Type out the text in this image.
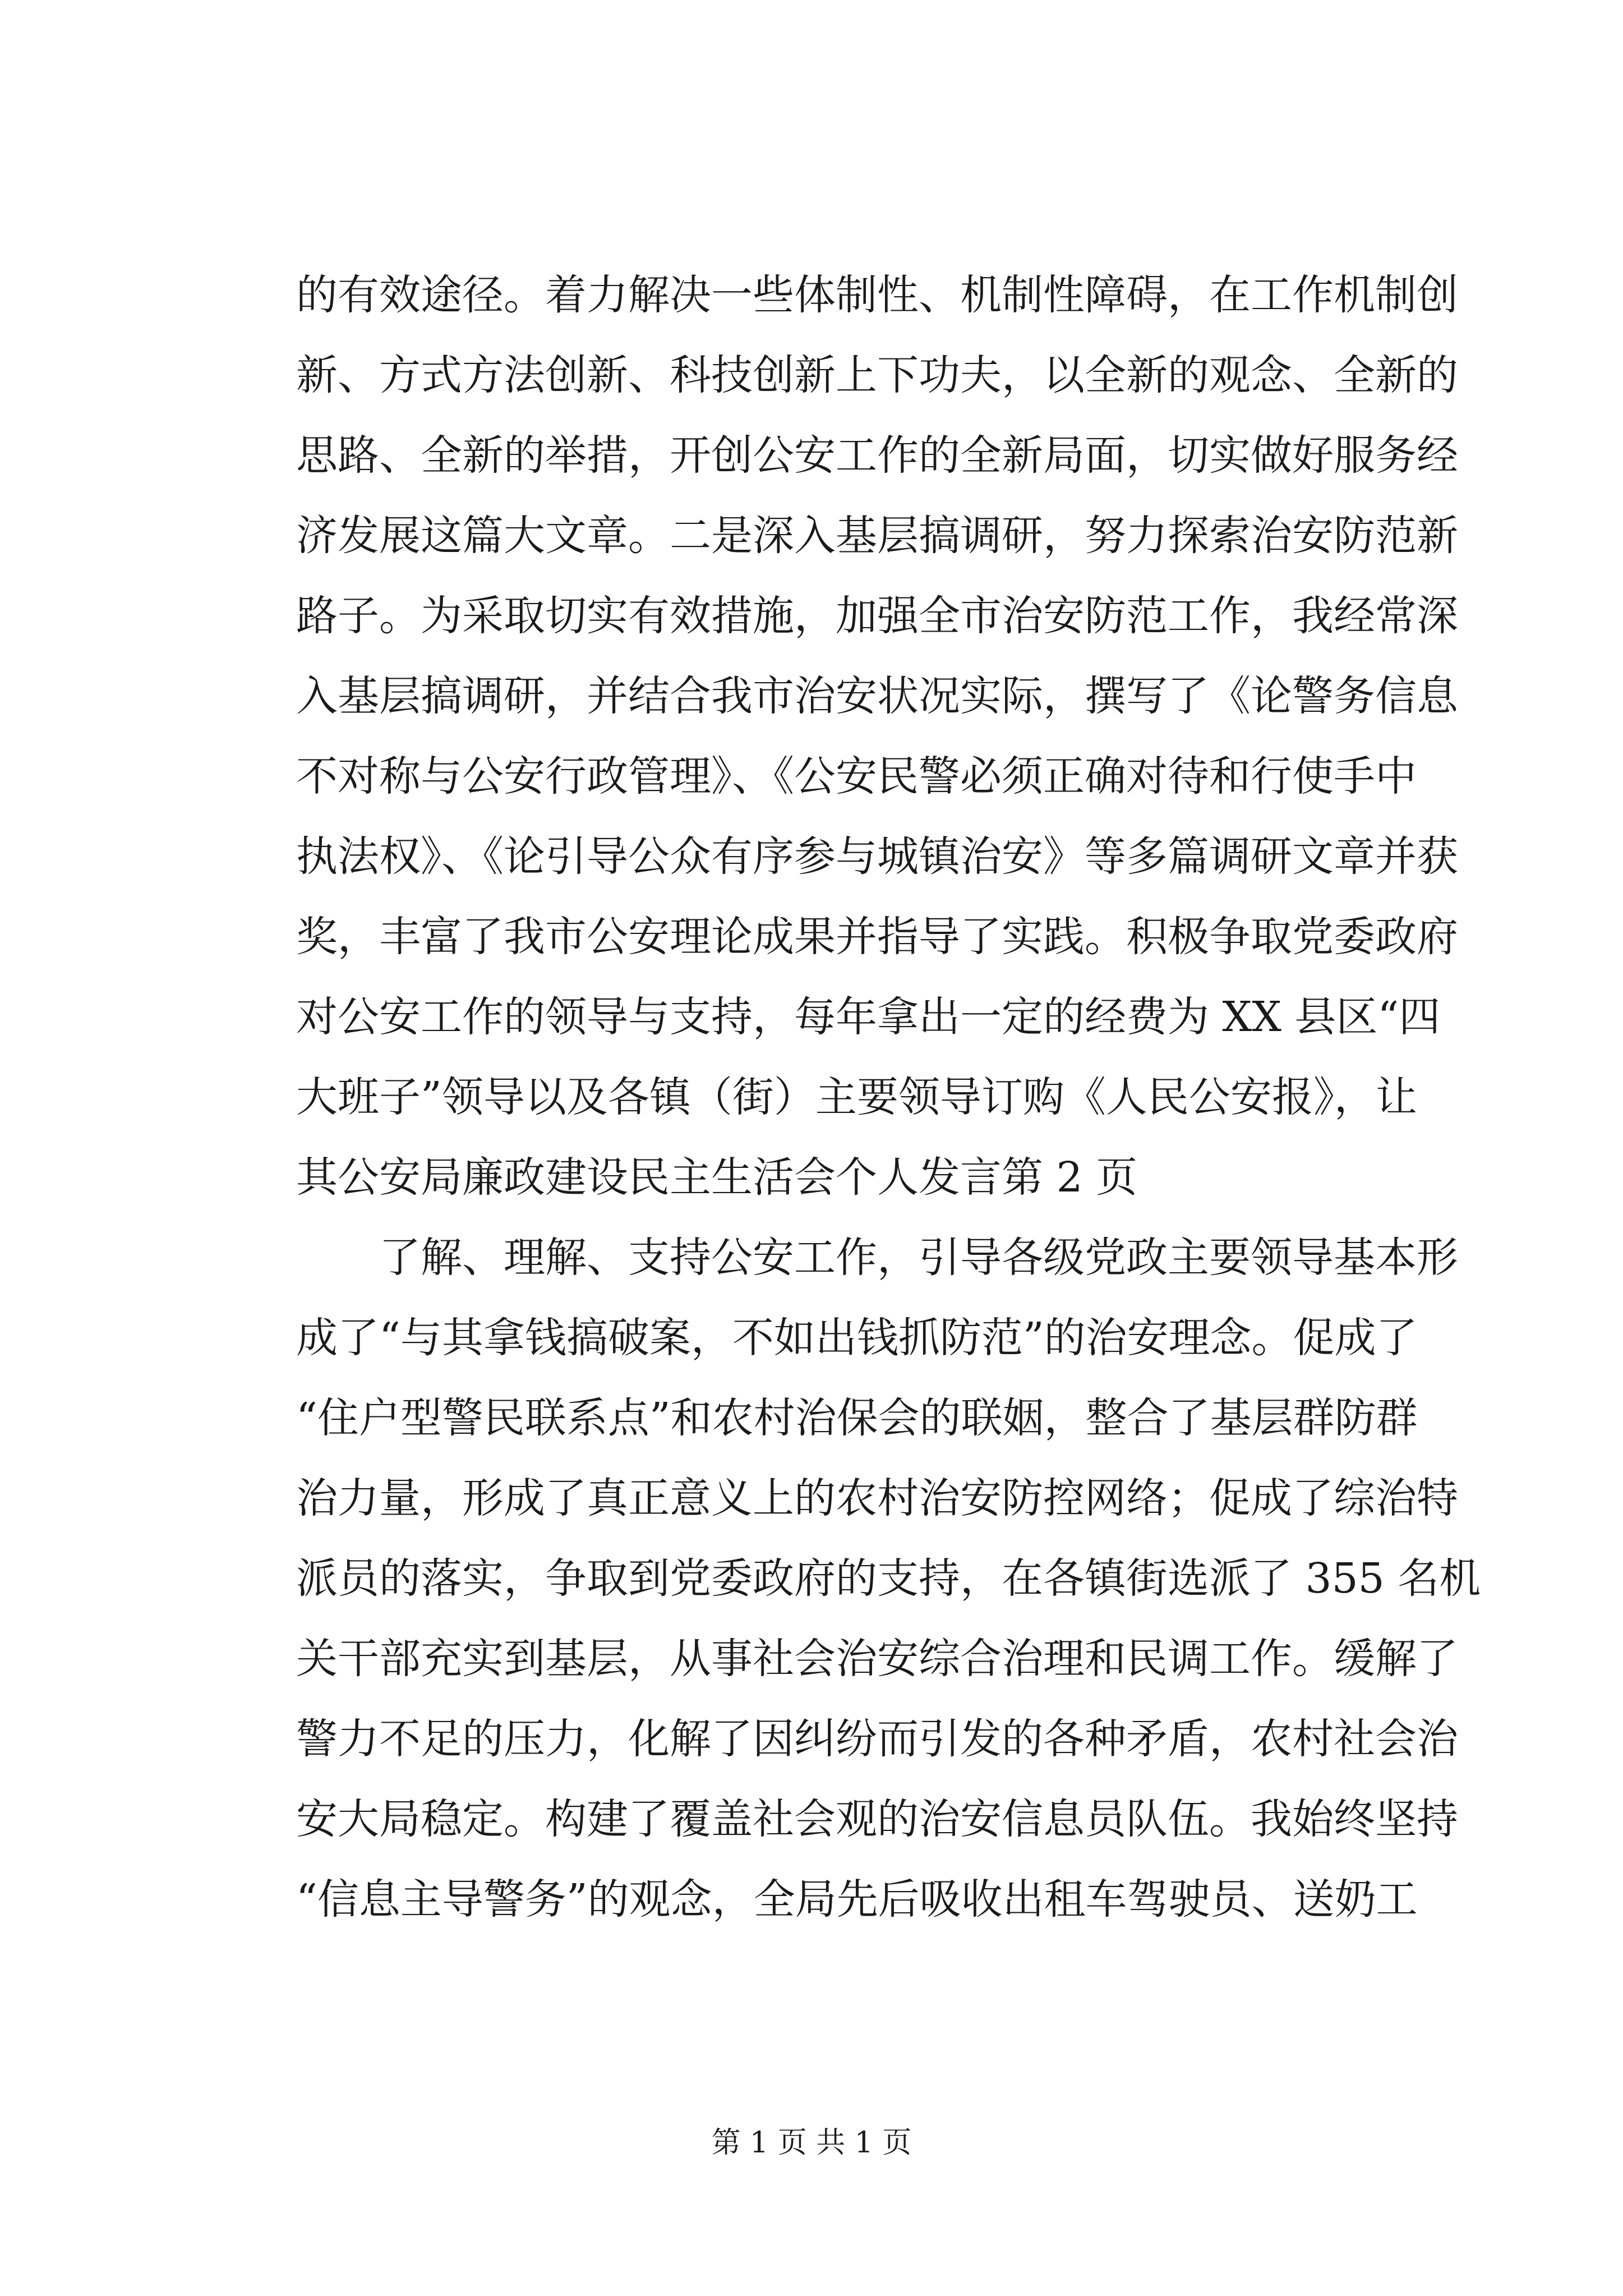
的有效途径。着力解决一些体制性、机制性障碍，在工作机制创
新、方式方法创新、科技创新上下功夫，以全新的观念、全新的
思路、全新的举措，开创公安工作的全新局面，切实做好服务经
济发展这篇大文章。二是深入基层搞调研，努力探索治安防范新
路子。为采取切实有效措施，加强全市治安防范工作，我经常深
入基层搞调研，并结合我市治安状况实际，撰写了《论警务信息
不对称与公安行政管理》、《公安民警必须正确对待和行使手中
执法权》、《论引导公众有序参与城镇治安》等多篇调研文章并获
奖，丰富了我市公安理论成果并指导了实践。积极争取党委政府
对公安工作的领导与支持，每年拿出一定的经费为 XX 县区“四
大班子”领导以及各镇（街）主要领导订购《人民公安报》，让
其公安局廉政建设民主生活会个人发言第 2 页
了解、理解、支持公安工作，引导各级党政主要领导基本形
成了“与其拿钱搞破案，不如出钱抓防范”的治安理念。促成了
“住户型警民联系点”和农村治保会的联姻，整合了基层群防群
治力量，形成了真正意义上的农村治安防控网络；促成了综治特
派员的落实，争取到党委政府的支持，在各镇街选派了 355 名机
关干部充实到基层，从事社会治安综合治理和民调工作。缓解了
警力不足的压力，化解了因纠纷而引发的各种矛盾，农村社会治
安大局稳定。构建了覆盖社会观的治安信息员队伍。我始终坚持
“信息主导警务”的观念，全局先后吸收出租车驾驶员、送奶工
第 1 页 共 1 页
